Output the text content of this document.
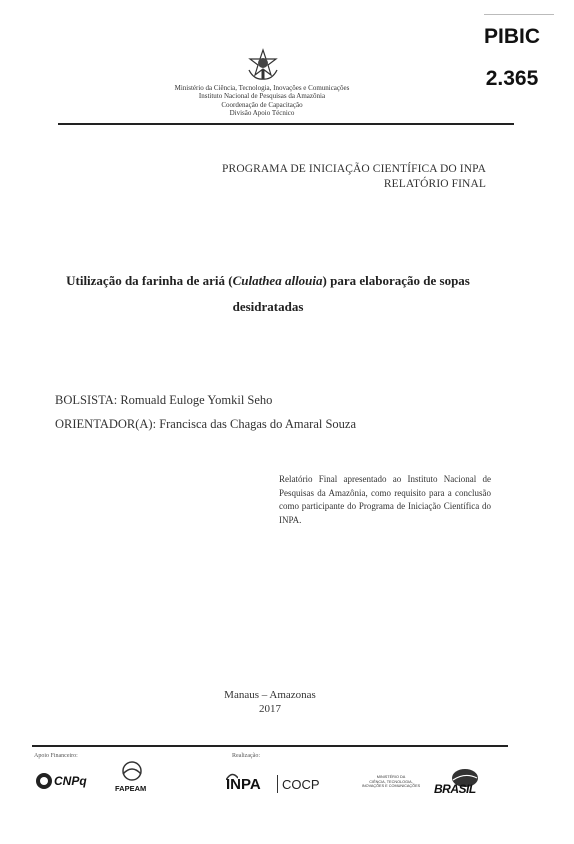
PIBIC
2.365
Ministério da Ciência, Tecnologia, Inovações e Comunicações
Instituto Nacional de Pesquisas da Amazônia
Coordenação de Capacitação
Divisão Apoio Técnico
PROGRAMA DE INICIAÇÃO CIENTÍFICA DO INPA
RELATÓRIO FINAL
Utilização da farinha de ariá (Culathea allouia) para elaboração de sopas
desidratadas
BOLSISTA: Romuald Euloge Yomkil Seho
ORIENTADOR(A): Francisca das Chagas do Amaral Souza
Relatório Final apresentado ao Instituto Nacional de Pesquisas da Amazônia, como requisito para a conclusão como participante do Programa de Iniciação Científica do INPA.
Manaus – Amazonas
2017
Apoio Financeiro:	Realização:
CNPq
FAPEAM	INPA COCP	MINISTÉRIO DA
CIÊNCIA, TECNOLOGIA,
INOVAÇÕES E COMUNICAÇÕES	BRASIL
